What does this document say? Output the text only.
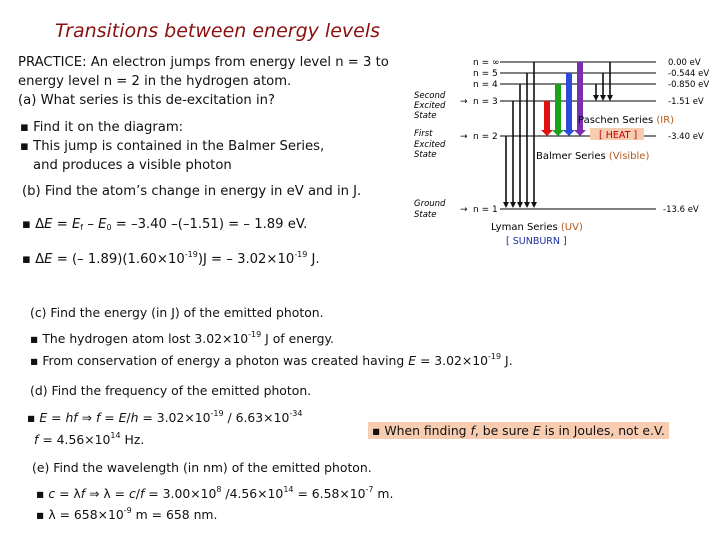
Transitions between energy levels
PRACTICE: An electron jumps from energy level n = 3 to
energy level n = 2 in the hydrogen atom.
(a) What series is this de-excitation in?
▪ Find it on the diagram:
▪ This jump is contained in the Balmer Series,
and produces a visible photon
(b) Find the atom’s change in energy in eV and in J.
▪ $\Delta E = E_f - E_0 = -3.40$ –(–1.51) = – 1.89 eV.
▪ ΔE = (– $1.89)(1.60\times 10^{-19})J$ = – $3.02\times 10^{-19}$ J.
(c) Find the energy (in J) of the emitted photon.
▪ The hydrogen atom lost $3.02\times 10^{-19}$ J of energy.
▪ From conservation of energy a photon was created having $E = 3.02\times 10^{-19}$ J.
(d) Find the frequency of the emitted photon.
▪ E = hf ⇒ $f = E/h = 3.02\times 10^{-19} / 6.63\times 10^{-34}$
$f = 4.56\times 10^{14}$ Hz.
▪ When finding f, be sure E is in Joules, not e.V.
(e) Find the wavelength (in nm) of the emitted photon.
▪ c = λf ⇒ $\lambda = c/f = 3.00\times 10^8$ $/4.56\times 10^{14} = 6.58\times 10^{-7}$ m.
▪ $\lambda = 658\times 10^{-9}$ m = 658 nm.
n = ∞
n = 5
n = 4
→ n = 3
→ n = 2
→ n = 1
0.00 eV
-0.544 eV
-0.850 eV
-1.51 eV
-3.40 eV
-13.6 eV
Second
Excited
State
First
Excited
State
Ground
State
Paschen Series (IR)
[ HEAT ]
Balmer Series (Visible)
Lyman Series (UV)
[ SUNBURN ]
